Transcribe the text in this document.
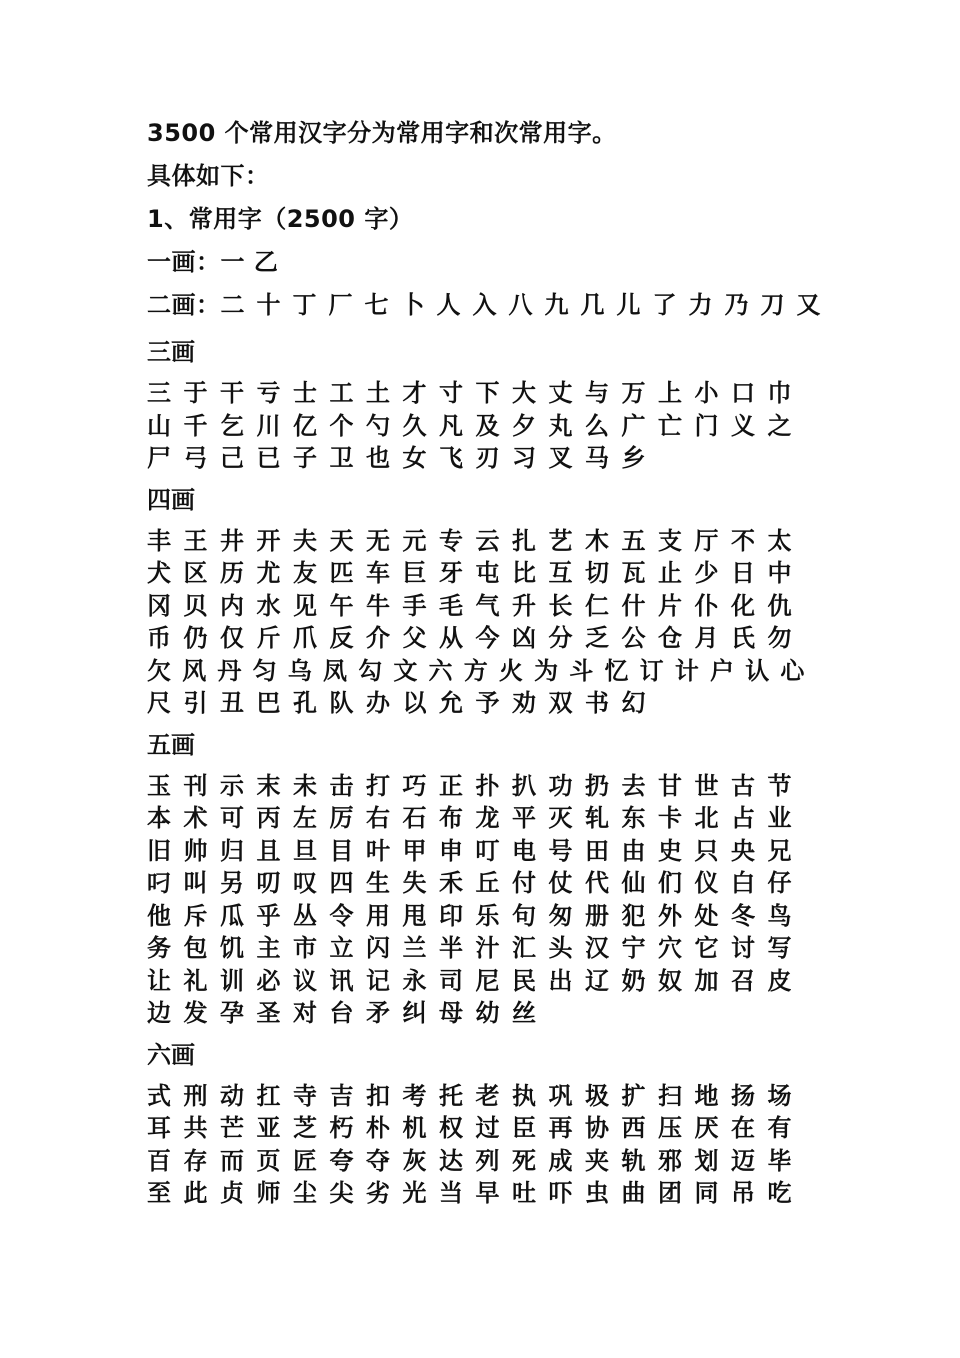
3500 个常用汉字分为常用字和次常用字。
具体如下：
1、常用字（2500 字）
一画：一 乙
二画：二 十 丁 厂 七 卜 人 入 八 九 几 儿 了 力 乃 刀 又
三画
三 于 干 亏 士 工 土 才 寸 下 大 丈 与 万 上 小 口 巾
山 千 乞 川 亿 个 勺 久 凡 及 夕 丸 么 广 亡 门 义 之
尸 弓 己 已 子 卫 也 女 飞 刃 习 叉 马 乡
四画
丰 王 井 开 夫 天 无 元 专 云 扎 艺 木 五 支 厅 不 太
犬 区 历 尤 友 匹 车 巨 牙 屯 比 互 切 瓦 止 少 日 中
冈 贝 内 水 见 午 牛 手 毛 气 升 长 仁 什 片 仆 化 仇
币 仍 仅 斤 爪 反 介 父 从 今 凶 分 乏 公 仓 月 氏 勿
欠 风 丹 匀 乌 凤 勾 文 六 方 火 为 斗 忆 订 计 户 认 心
尺 引 丑 巴 孔 队 办 以 允 予 劝 双 书 幻
五画
玉 刊 示 末 未 击 打 巧 正 扑 扒 功 扔 去 甘 世 古 节
本 术 可 丙 左 厉 右 石 布 龙 平 灭 轧 东 卡 北 占 业
旧 帅 归 且 旦 目 叶 甲 申 叮 电 号 田 由 史 只 央 兄
叼 叫 另 叨 叹 四 生 失 禾 丘 付 仗 代 仙 们 仪 白 仔
他 斥 瓜 乎 丛 令 用 甩 印 乐 句 匆 册 犯 外 处 冬 鸟
务 包 饥 主 市 立 闪 兰 半 汁 汇 头 汉 宁 穴 它 讨 写
让 礼 训 必 议 讯 记 永 司 尼 民 出 辽 奶 奴 加 召 皮
边 发 孕 圣 对 台 矛 纠 母 幼 丝
六画
式 刑 动 扛 寺 吉 扣 考 托 老 执 巩 圾 扩 扫 地 扬 场
耳 共 芒 亚 芝 朽 朴 机 权 过 臣 再 协 西 压 厌 在 有
百 存 而 页 匠 夸 夺 灰 达 列 死 成 夹 轨 邪 划 迈 毕
至 此 贞 师 尘 尖 劣 光 当 早 吐 吓 虫 曲 团 同 吊 吃
